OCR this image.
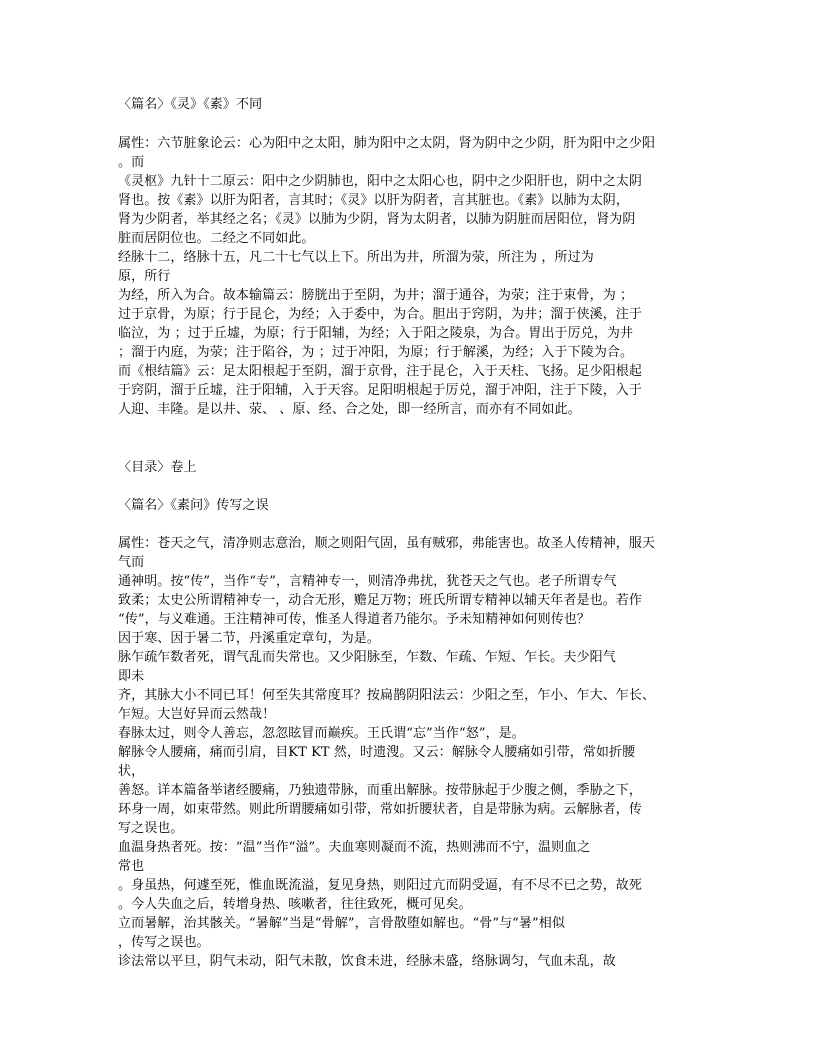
〈篇名〉《灵》《素》不同

属性：六节脏象论云：心为阳中之太阳，肺为阳中之太阴，肾为阴中之少阴，肝为阳中之少阳

。而

《灵枢》九针十二原云：阳中之少阴肺也，阳中之太阳心也，阴中之少阳肝也，阴中之太阴

肾也。按《素》以肝为阳者，言其时；《灵》以肝为阴者，言其脏也。《素》以肺为太阴，

肾为少阴者，举其经之名；《灵》以肺为少阴，肾为太阴者，以肺为阴脏而居阳位，肾为阴

脏而居阴位也。二经之不同如此。

经脉十二，络脉十五，凡二十七气以上下。所出为井，所溜为荥，所注为 ，所过为

原，所行

为经，所入为合。故本输篇云：膀胱出于至阴，为井；溜于通谷，为荥；注于束骨，为 ；

过于京骨，为原；行于昆仑，为经；入于委中，为合。胆出于窍阴，为井；溜于侠溪，注于

临泣，为 ；过于丘墟，为原；行于阳辅，为经；入于阳之陵泉，为合。胃出于厉兑，为井

；溜于内庭，为荥；注于陷谷，为 ；过于冲阳，为原；行于解溪，为经；入于下陵为合。

而《根结篇》云：足太阳根起于至阴，溜于京骨，注于昆仑，入于天柱、飞扬。足少阳根起

于窍阴，溜于丘墟，注于阳辅，入于天容。足阳明根起于厉兑，溜于冲阳，注于下陵，入于

人迎、丰隆。是以井、荥、 、原、经、合之处，即一经所言，而亦有不同如此。

〈目录〉卷上

〈篇名〉《素问》传写之误

属性：苍天之气，清净则志意治，顺之则阳气固，虽有贼邪，弗能害也。故圣人传精神，服天

气而

通神明。按“传”，当作“专”，言精神专一，则清净弗扰，犹苍天之气也。老子所谓专气

致柔；太史公所谓精神专一，动合无形，赡足万物；班氏所谓专精神以辅天年者是也。若作

“传”，与义难通。王注精神可传，惟圣人得道者乃能尔。予未知精神如何则传也？

因于寒、因于暑二节，丹溪重定章句，为是。

脉乍疏乍数者死，谓气乱而失常也。又少阳脉至，乍数、乍疏、乍短、乍长。夫少阳气

即未

齐，其脉大小不同已耳！何至失其常度耳？按扁鹊阴阳法云：少阳之至，乍小、乍大、乍长、

乍短。大岂好异而云然哉！

春脉太过，则令人善忘，忽忽眩冒而巅疾。王氏谓“忘”当作“怒”，是。

解脉令人腰痛，痛而引肩，目KT KT 然，时遗溲。又云：解脉令人腰痛如引带，常如折腰

状，

善怒。详本篇备举诸经腰痛，乃独遗带脉，而重出解脉。按带脉起于少腹之侧，季胁之下，

环身一周，如束带然。则此所谓腰痛如引带，常如折腰状者，自是带脉为病。云解脉者，传

写之误也。

血温身热者死。按：“温”当作“溢”。夫血寒则凝而不流，热则沸而不宁，温则血之

常也

。身虽热，何遽至死，惟血既流溢，复见身热，则阳过亢而阴受逼，有不尽不已之势，故死

。今人失血之后，转增身热、咳嗽者，往往致死，概可见矣。

立而暑解，治其骸关。“暑解”当是“骨解”，言骨散堕如解也。“骨”与“暑”相似

，传写之误也。

诊法常以平旦，阴气未动，阳气未散，饮食未进，经脉未盛，络脉调匀，气血未乱，故
